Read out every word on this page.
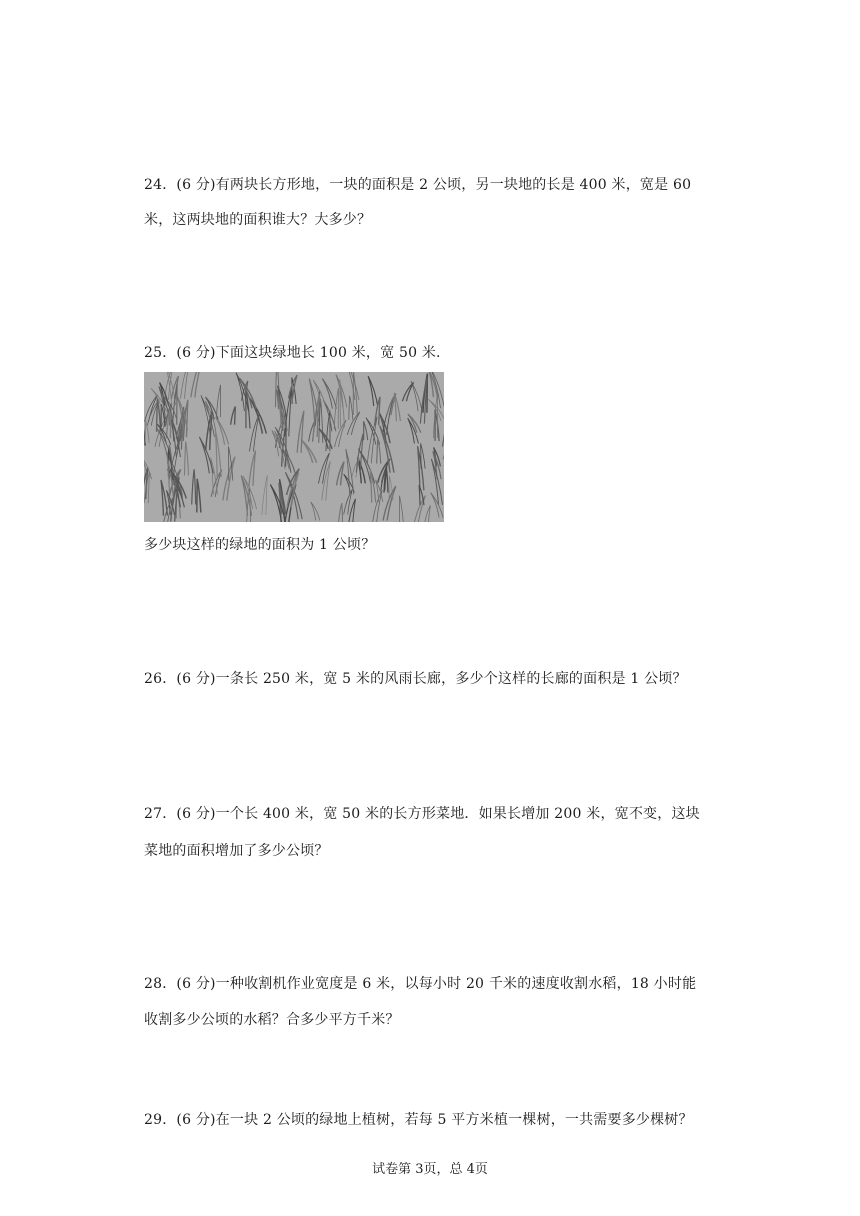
24．(6 分)有两块长方形地，一块的面积是 2 公顷，另一块地的长是 400 米，宽是 60
米，这两块地的面积谁大？大多少？
25．(6 分)下面这块绿地长 100 米，宽 50 米.
多少块这样的绿地的面积为 1 公顷？
26．(6 分)一条长 250 米，宽 5 米的风雨长廊，多少个这样的长廊的面积是 1 公顷？
27．(6 分)一个长 400 米，宽 50 米的长方形菜地．如果长增加 200 米，宽不变，这块
菜地的面积增加了多少公顷？
28．(6 分)一种收割机作业宽度是 6 米，以每小时 20 千米的速度收割水稻，18 小时能
收割多少公顷的水稻？合多少平方千米？
29．(6 分)在一块 2 公顷的绿地上植树，若每 5 平方米植一棵树，一共需要多少棵树？
试卷第 3页，总 4页
